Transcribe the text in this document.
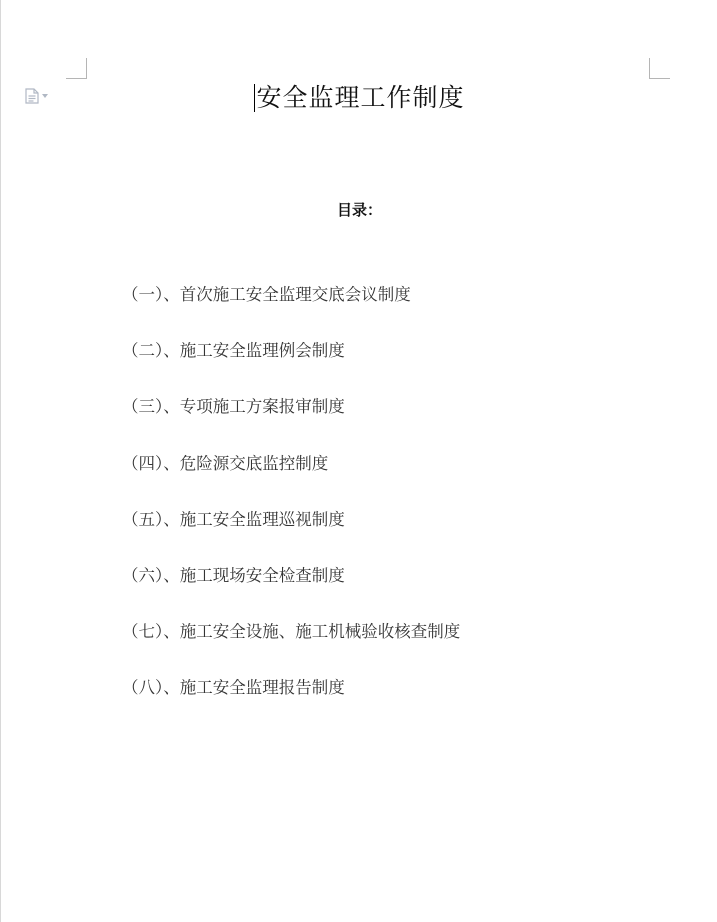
安全监理工作制度
目录：
（一）、首次施工安全监理交底会议制度
（二）、施工安全监理例会制度
（三）、专项施工方案报审制度
（四）、危险源交底监控制度
（五）、施工安全监理巡视制度
（六）、施工现场安全检查制度
（七）、施工安全设施、施工机械验收核查制度
（八）、施工安全监理报告制度
